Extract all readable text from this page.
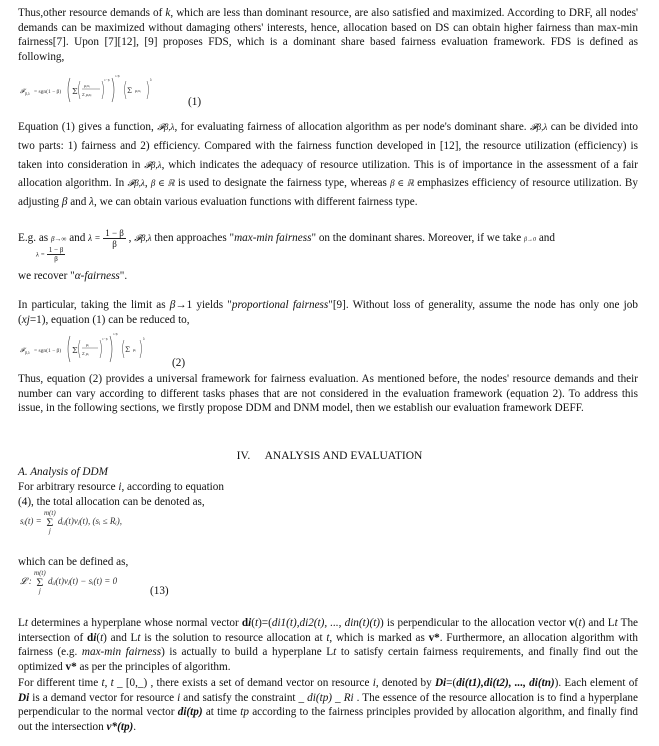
Thus,other resource demands of k, which are less than dominant resource, are also satisfied and maximized. According to DRF, all nodes' demands can be maximized without damaging others' interests, hence, allocation based on DS can obtain higher fairness than max-min fairness[7]. Upon [7][12], [9] proposes FDS, which is a dominant share based fairness evaluation framework. FDS is defined as following,

𝓕 β,λ = sgn(1 − β) Σ
μᵢxᵢ
Σ μᵢxᵢ
1−β
1/β
Σ μᵢxᵢ
λ
(1)

Equation (1) gives a function, 𝓕β,λ, for evaluating fairness of allocation algorithm as per node's dominant share. 𝓕β,λ can be divided into two parts: 1) fairness and 2) efficiency. Compared with the fairness function developed in [12], the resource utilization (efficiency) is taken into consideration in 𝓕β,λ, which indicates the adequacy of resource utilization. This is of importance in the assessment of a fair allocation algorithm. In 𝓕β,λ, β ∈ ℝ is used to designate the fairness type, whereas β ∈ ℝ emphasizes efficiency of resource utilization. By adjusting β and λ, we can obtain various evaluation functions with different fairness type.

E.g. as β→∞ and $\lambda = \frac{1 - \beta}{\beta}$ , 𝓕β,λ then approaches "max-min fairness" on the dominant shares. Moreover, if we take β→0 and
$\lambda = \frac{1 - \beta}{\beta}$

we recover "α-fairness".

In particular, taking the limit as β→1 yields "proportional fairness"[9]. Without loss of generality, assume the node has only one job (xj=1), equation (1) can be reduced to,

𝓕 β,λ = sgn(1 − β) Σ
μᵢ
Σ μᵢ
1−β
1/β
Σ μᵢ
λ
(2)

Thus, equation (2) provides a universal framework for fairness evaluation. As mentioned before, the nodes' resource demands and their number can vary according to different tasks phases that are not considered in the evaluation framework (equation 2). To address this issue, in the following sections, we firstly propose DDM and DNM model, then we establish our evaluation framework DEFF.

IV. ANALYSIS AND EVALUATION
A. Analysis of DDM

For arbitrary resource i, according to equation
(4), the total allocation can be denoted as,

sᵢ(t) =
m(t)
Σ
j
dᵢⱼ(t)vⱼ(t), (sᵢ ≤ Rᵢ),

which can be defined as,

𝓛 :
m(t)
Σ
j
dᵢⱼ(t)vⱼ(t) − sᵢ(t) = 0
(13)

Lt determines a hyperplane whose normal vector di(t)=(di1(t),di2(t), ..., din(t)(t)) is perpendicular to the allocation vector v(t) and Lt The intersection of di(t) and Lt is the solution to resource allocation at t, which is marked as v*. Furthermore, an allocation algorithm with fairness (e.g. max-min fairness) is actually to build a hyperplane Lt to satisfy certain fairness requirements, and finally find out the optimized v* as per the principles of algorithm.

For different time t, t _ [0,_) , there exists a set of demand vector on resource i, denoted by Di=(di(t1),di(t2), ..., di(tn)). Each element of Di is a demand vector for resource i and satisfy the constraint _ di(tp) _ Ri . The essence of the resource allocation is to find a hyperplane perpendicular to the normal vector di(tp) at time tp according to the fairness principles provided by allocation algorithm, and finally find out the intersection v*(tp).
